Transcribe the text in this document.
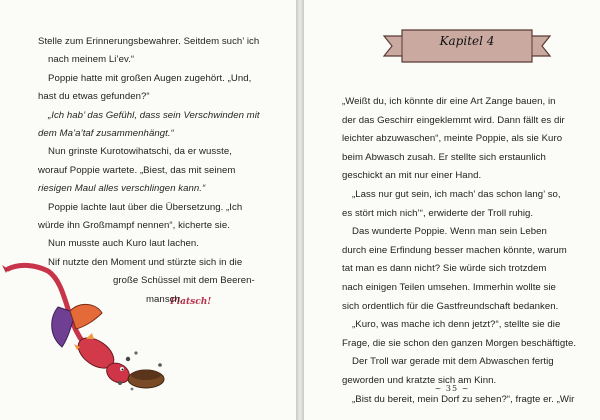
Platsch!
Stelle zum Erinnerungsbewahrer. Seitdem such’ ich
nach meinem Li’ev.“
Poppie hatte mit großen Augen zugehört. „Und,
hast du etwas gefunden?“
„Ich hab’ das Gefühl, dass sein Verschwinden mit
dem Ma’a’taf zusammenhängt.“
Nun grinste Kurotowihatschi, da er wusste,
worauf Poppie wartete. „Biest, das mit seinem
riesigen Maul alles verschlingen kann.“
Poppie lachte laut über die Übersetzung. „Ich
würde ihn Großmampf nennen“, kicherte sie.
Nun musste auch Kuro laut lachen.
Nif nutzte den Moment und stürzte sich in die
große Schüssel mit dem Beeren-
mansch.
Kapitel 4
~ 35 ~
„Weißt du, ich könnte dir eine Art Zange bauen, in
der das Geschirr eingeklemmt wird. Dann fällt es dir
leichter abzuwaschen“, meinte Poppie, als sie Kuro
beim Abwasch zusah. Er stellte sich erstaunlich
geschickt an mit nur einer Hand.
„Lass nur gut sein, ich mach’ das schon lang’ so,
es stört mich nich’“, erwiderte der Troll ruhig.
Das wunderte Poppie. Wenn man sein Leben
durch eine Erfindung besser machen könnte, warum
tat man es dann nicht? Sie würde sich trotzdem
nach einigen Teilen umsehen. Immerhin wollte sie
sich ordentlich für die Gastfreundschaft bedanken.
„Kuro, was mache ich denn jetzt?“, stellte sie die
Frage, die sie schon den ganzen Morgen beschäftigte.
Der Troll war gerade mit dem Abwaschen fertig
geworden und kratzte sich am Kinn.
„Bist du bereit, mein Dorf zu sehen?“, fragte er. „Wir
